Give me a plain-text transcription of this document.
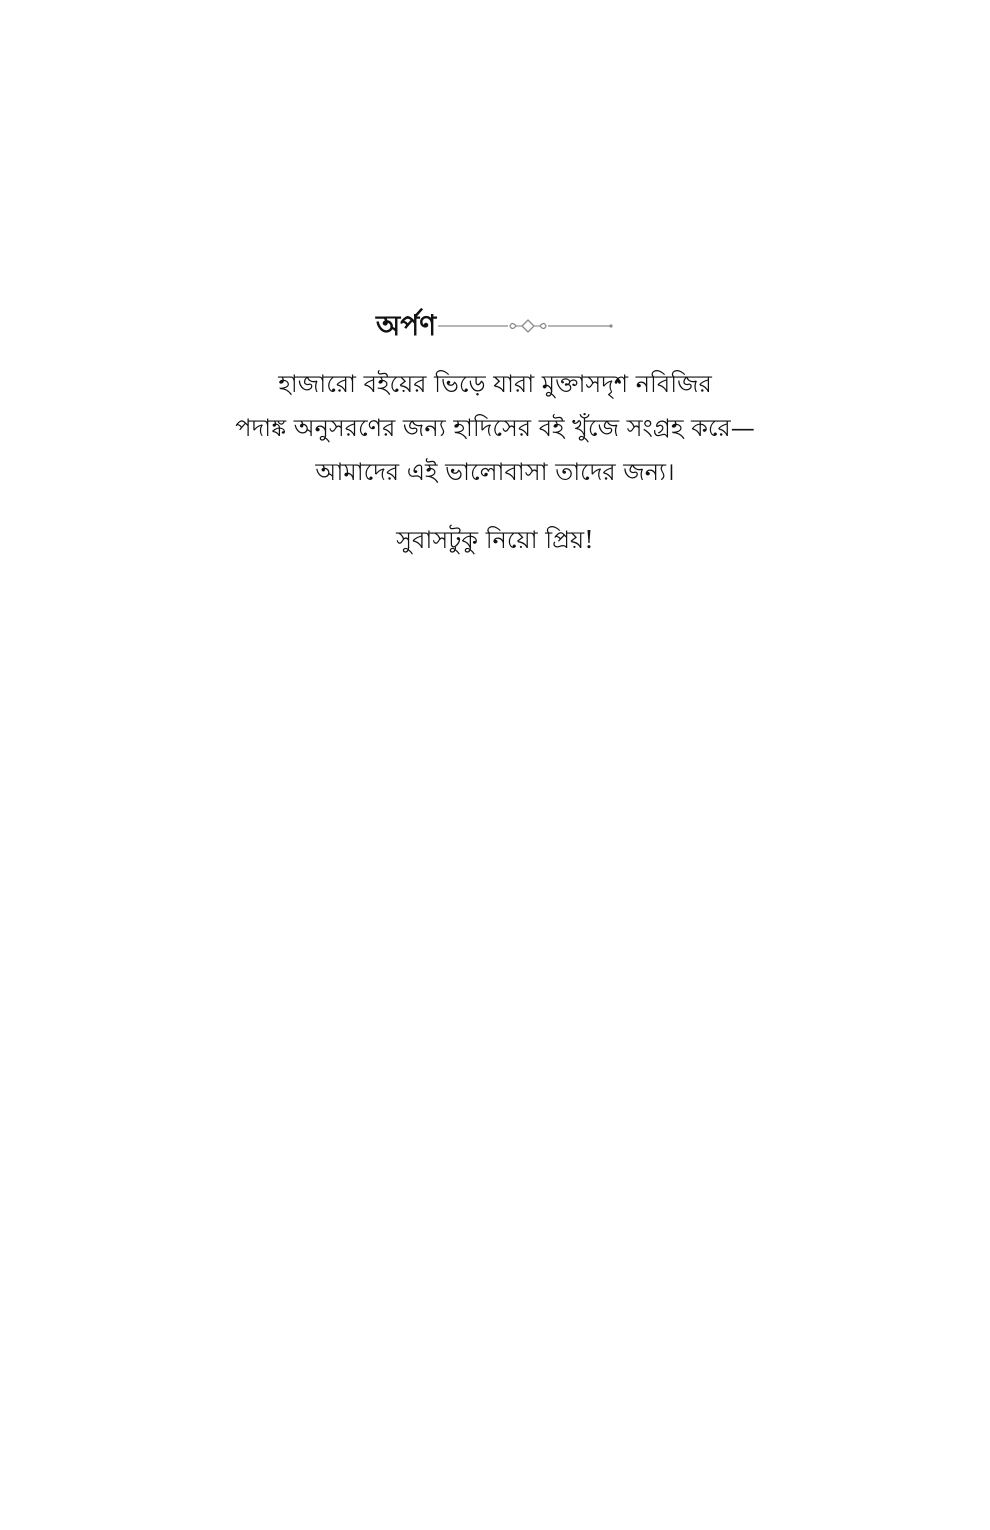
অর্পণ
হাজারো বইয়ের ভিড়ে যারা মুক্তাসদৃশ নবিজির
পদাঙ্ক অনুসরণের জন্য হাদিসের বই খুঁজে সংগ্রহ করে—
আমাদের এই ভালোবাসা তাদের জন্য।
সুবাসটুকু নিয়ো প্রিয়!
